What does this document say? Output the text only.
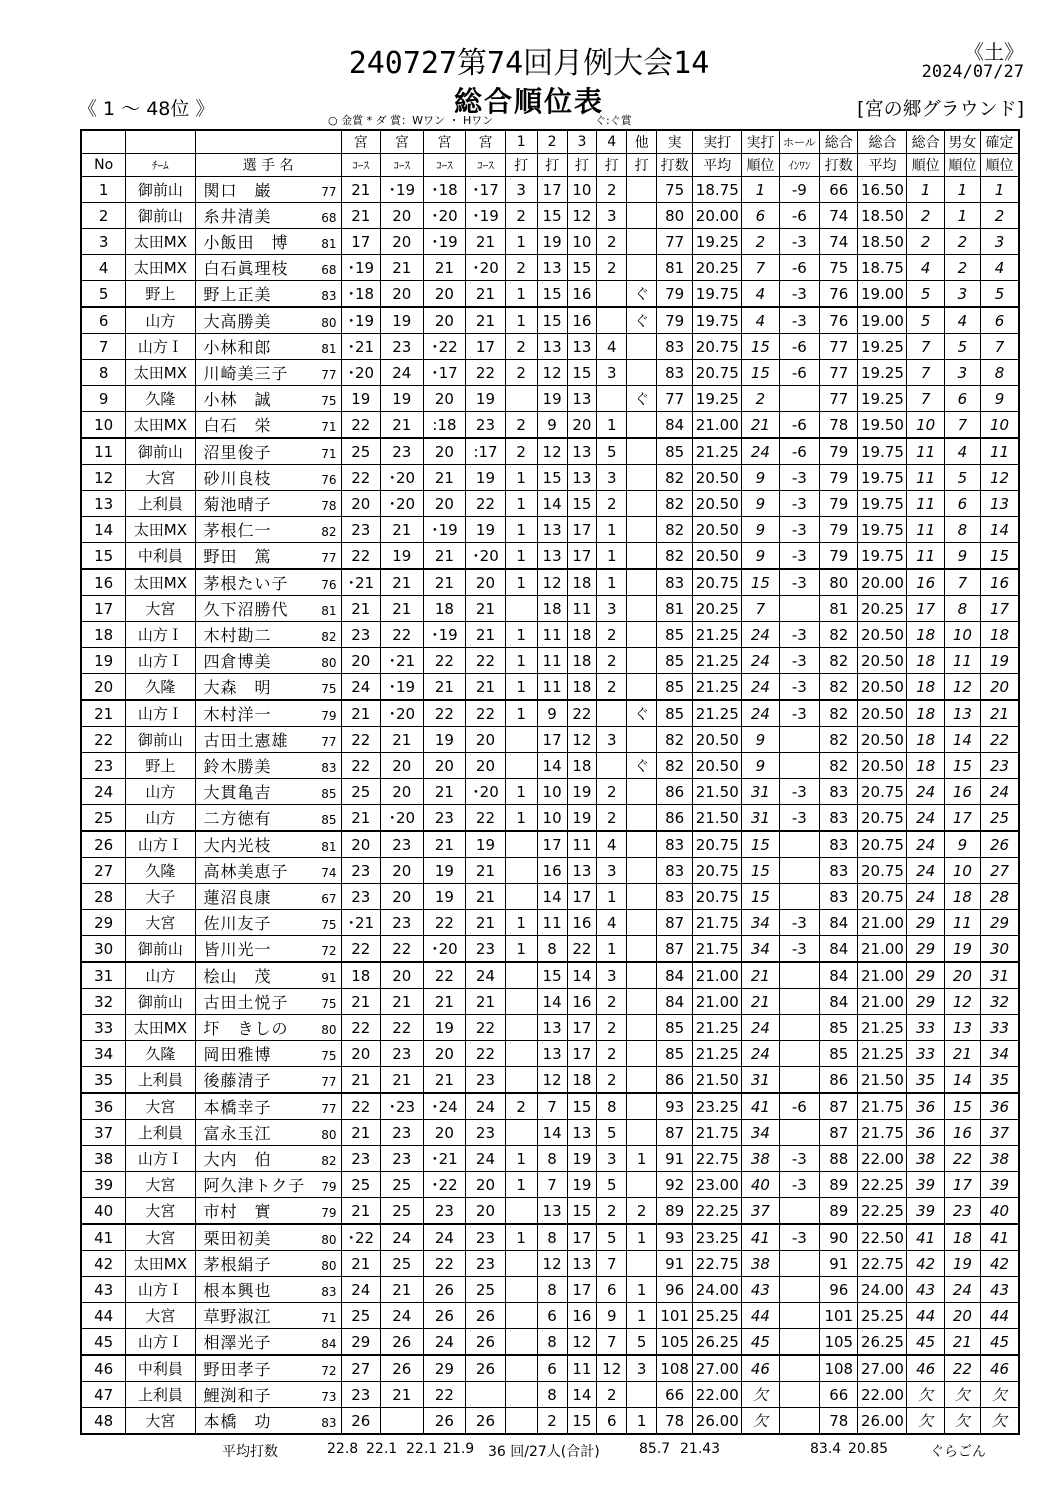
240727第74回月例大会14	《土》
2024/07/27
《 1 ～ 48位 》	総合順位表	[宮の郷グラウンド]
○ 金賞 * ダ 賞：Wワン ・ Hワン	ぐ:ぐ賞
			宮	宮	宮	宮	1	2	3	4	他	実	実打	実打	ホール	総合	総合	総合	男女	確定
No	ﾁｰﾑ	選 手 名	ｺｰｽ	ｺｰｽ	ｺｰｽ	ｺｰｽ	打	打	打	打	打	打数	平均	順位	ｲﾝﾜﾝ	打数	平均	順位	順位	順位
1	御前山	関口　巌 77	21	･19	･18	･17	3	17	10	2		75	18.75	1	-9	66	16.50	1	1	1
2	御前山	糸井清美 68	21	20	･20	･19	2	15	12	3		80	20.00	6	-6	74	18.50	2	1	2
3	太田MX	小飯田　博 81	17	20	･19	21	1	19	10	2		77	19.25	2	-3	74	18.50	2	2	3
4	太田MX	白石眞理枝 68	･19	21	21	･20	2	13	15	2		81	20.25	7	-6	75	18.75	4	2	4
5	野上	野上正美 83	･18	20	20	21	1	15	16		ぐ	79	19.75	4	-3	76	19.00	5	3	5
6	山方	大高勝美 80	･19	19	20	21	1	15	16		ぐ	79	19.75	4	-3	76	19.00	5	4	6
7	山方Ｉ	小林和郎 81	･21	23	･22	17	2	13	13	4		83	20.75	15	-6	77	19.25	7	5	7
8	太田MX	川崎美三子 77	･20	24	･17	22	2	12	15	3		83	20.75	15	-6	77	19.25	7	3	8
9	久隆	小林　誠 75	19	19	20	19		19	13		ぐ	77	19.25	2		77	19.25	7	6	9
10	太田MX	白石　栄 71	22	21	:18	23	2	9	20	1		84	21.00	21	-6	78	19.50	10	7	10
11	御前山	沼里俊子 71	25	23	20	:17	2	12	13	5		85	21.25	24	-6	79	19.75	11	4	11
12	大宮	砂川良枝 76	22	･20	21	19	1	15	13	3		82	20.50	9	-3	79	19.75	11	5	12
13	上利員	菊池晴子 78	20	･20	20	22	1	14	15	2		82	20.50	9	-3	79	19.75	11	6	13
14	太田MX	茅根仁一 82	23	21	･19	19	1	13	17	1		82	20.50	9	-3	79	19.75	11	8	14
15	中利員	野田　篤 77	22	19	21	･20	1	13	17	1		82	20.50	9	-3	79	19.75	11	9	15
16	太田MX	茅根たい子 76	･21	21	21	20	1	12	18	1		83	20.75	15	-3	80	20.00	16	7	16
17	大宮	久下沼勝代 81	21	21	18	21		18	11	3		81	20.25	7		81	20.25	17	8	17
18	山方Ｉ	木村勘二 82	23	22	･19	21	1	11	18	2		85	21.25	24	-3	82	20.50	18	10	18
19	山方Ｉ	四倉博美 80	20	･21	22	22	1	11	18	2		85	21.25	24	-3	82	20.50	18	11	19
20	久隆	大森　明 75	24	･19	21	21	1	11	18	2		85	21.25	24	-3	82	20.50	18	12	20
21	山方Ｉ	木村洋一 79	21	･20	22	22	1	9	22		ぐ	85	21.25	24	-3	82	20.50	18	13	21
22	御前山	古田土憲雄 77	22	21	19	20		17	12	3		82	20.50	9		82	20.50	18	14	22
23	野上	鈴木勝美 83	22	20	20	20		14	18		ぐ	82	20.50	9		82	20.50	18	15	23
24	山方	大貫亀吉 85	25	20	21	･20	1	10	19	2		86	21.50	31	-3	83	20.75	24	16	24
25	山方	二方徳有 85	21	･20	23	22	1	10	19	2		86	21.50	31	-3	83	20.75	24	17	25
26	山方Ｉ	大内光枝 81	20	23	21	19		17	11	4		83	20.75	15		83	20.75	24	9	26
27	久隆	高林美恵子 74	23	20	19	21		16	13	3		83	20.75	15		83	20.75	24	10	27
28	大子	蓮沼良康 67	23	20	19	21		14	17	1		83	20.75	15		83	20.75	24	18	28
29	大宮	佐川友子 75	･21	23	22	21	1	11	16	4		87	21.75	34	-3	84	21.00	29	11	29
30	御前山	皆川光一 72	22	22	･20	23	1	8	22	1		87	21.75	34	-3	84	21.00	29	19	30
31	山方	桧山　茂 91	18	20	22	24		15	14	3		84	21.00	21		84	21.00	29	20	31
32	御前山	古田土悦子 75	21	21	21	21		14	16	2		84	21.00	21		84	21.00	29	12	32
33	太田MX	圷　きしの 80	22	22	19	22		13	17	2		85	21.25	24		85	21.25	33	13	33
34	久隆	岡田雅博 75	20	23	20	22		13	17	2		85	21.25	24		85	21.25	33	21	34
35	上利員	後藤清子 77	21	21	21	23		12	18	2		86	21.50	31		86	21.50	35	14	35
36	大宮	本橋幸子 77	22	･23	･24	24	2	7	15	8		93	23.25	41	-6	87	21.75	36	15	36
37	上利員	富永玉江 80	21	23	20	23		14	13	5		87	21.75	34		87	21.75	36	16	37
38	山方Ｉ	大内　伯 82	23	23	･21	24	1	8	19	3	1	91	22.75	38	-3	88	22.00	38	22	38
39	大宮	阿久津トク子 79	25	25	･22	20	1	7	19	5		92	23.00	40	-3	89	22.25	39	17	39
40	大宮	市村　實 79	21	25	23	20		13	15	2	2	89	22.25	37		89	22.25	39	23	40
41	大宮	栗田初美 80	･22	24	24	23	1	8	17	5	1	93	23.25	41	-3	90	22.50	41	18	41
42	太田MX	茅根絹子 80	21	25	22	23		12	13	7		91	22.75	38		91	22.75	42	19	42
43	山方Ｉ	根本興也 83	24	21	26	25		8	17	6	1	96	24.00	43		96	24.00	43	24	43
44	大宮	草野淑江 71	25	24	26	26		6	16	9	1	101	25.25	44		101	25.25	44	20	44
45	山方Ｉ	相澤光子 84	29	26	24	26		8	12	7	5	105	26.25	45		105	26.25	45	21	45
46	中利員	野田孝子 72	27	26	29	26		6	11	12	3	108	27.00	46		108	27.00	46	22	46
47	上利員	鯉渕和子 73	23	21	22			8	14	2		66	22.00	欠		66	22.00	欠	欠	欠
48	大宮	本橋　功 83	26		26	26		2	15	6	1	78	26.00	欠		78	26.00	欠	欠	欠
平均打数	22.8 22.1 22.1 21.9 36 回/27人(合計)	85.7 21.43	83.4 20.85	ぐらごん
